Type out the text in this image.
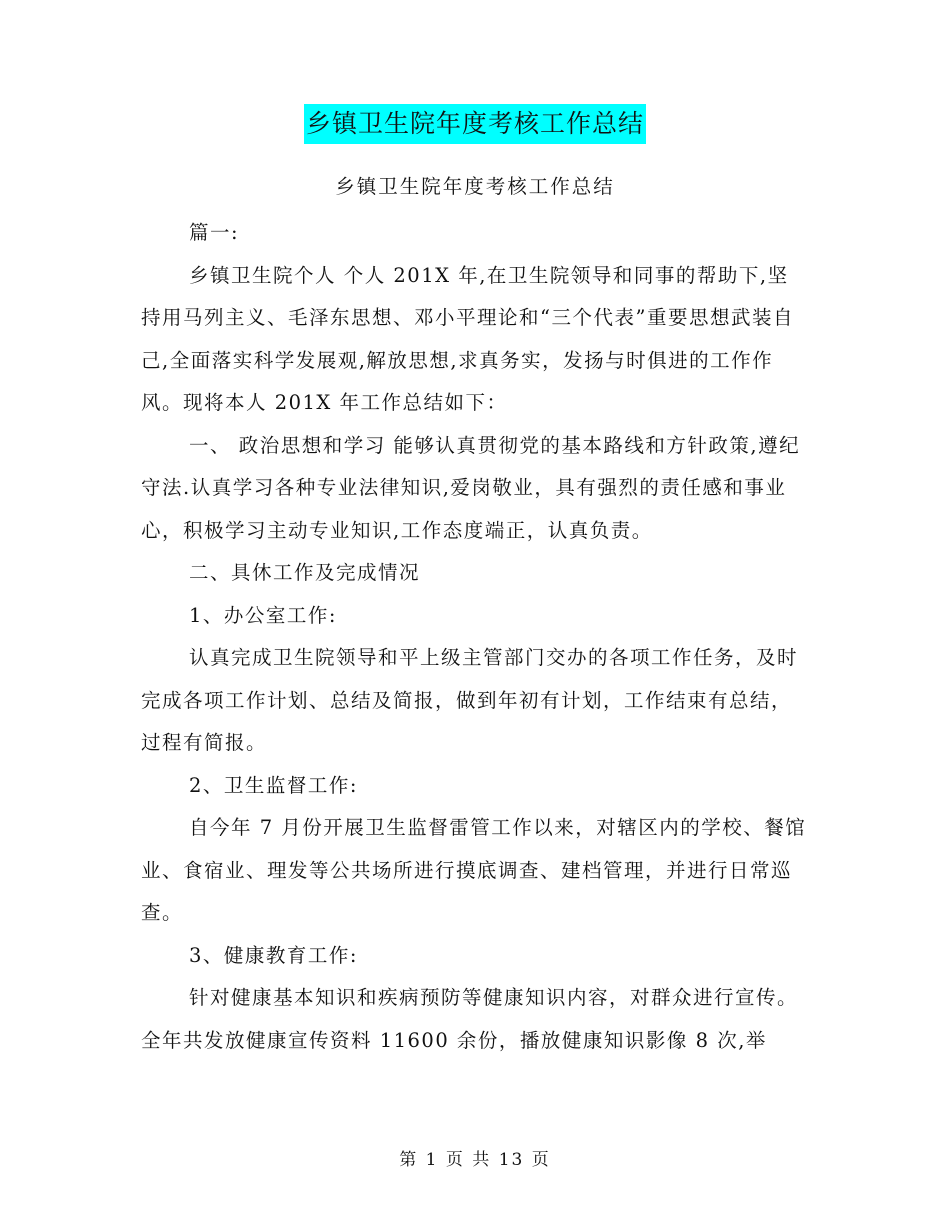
乡镇卫生院年度考核工作总结
乡镇卫生院年度考核工作总结

篇一:

乡镇卫生院个人 个人 201X 年,在卫生院领导和同事的帮助下,坚持用马列主义、毛泽东思想、邓小平理论和“三个代表”重要思想武装自己,全面落实科学发展观,解放思想,求真务实，发扬与时俱进的工作作风。现将本人 201X 年工作总结如下：

一、 政治思想和学习 能够认真贯彻党的基本路线和方针政策,遵纪守法.认真学习各种专业法律知识,爱岗敬业，具有强烈的责任感和事业心，积极学习主动专业知识,工作态度端正，认真负责。

二、具休工作及完成情况

1、办公室工作:

认真完成卫生院领导和平上级主管部门交办的各项工作任务，及时完成各项工作计划、总结及简报，做到年初有计划，工作结束有总结，过程有简报。

2、卫生监督工作:

自今年 7 月份开展卫生监督雷管工作以来，对辖区内的学校、餐馆业、食宿业、理发等公共场所进行摸底调查、建档管理，并进行日常巡查。

3、健康教育工作:

针对健康基本知识和疾病预防等健康知识内容，对群众进行宣传。全年共发放健康宣传资料 11600 余份，播放健康知识影像 8 次,举

第 1 页 共 13 页
